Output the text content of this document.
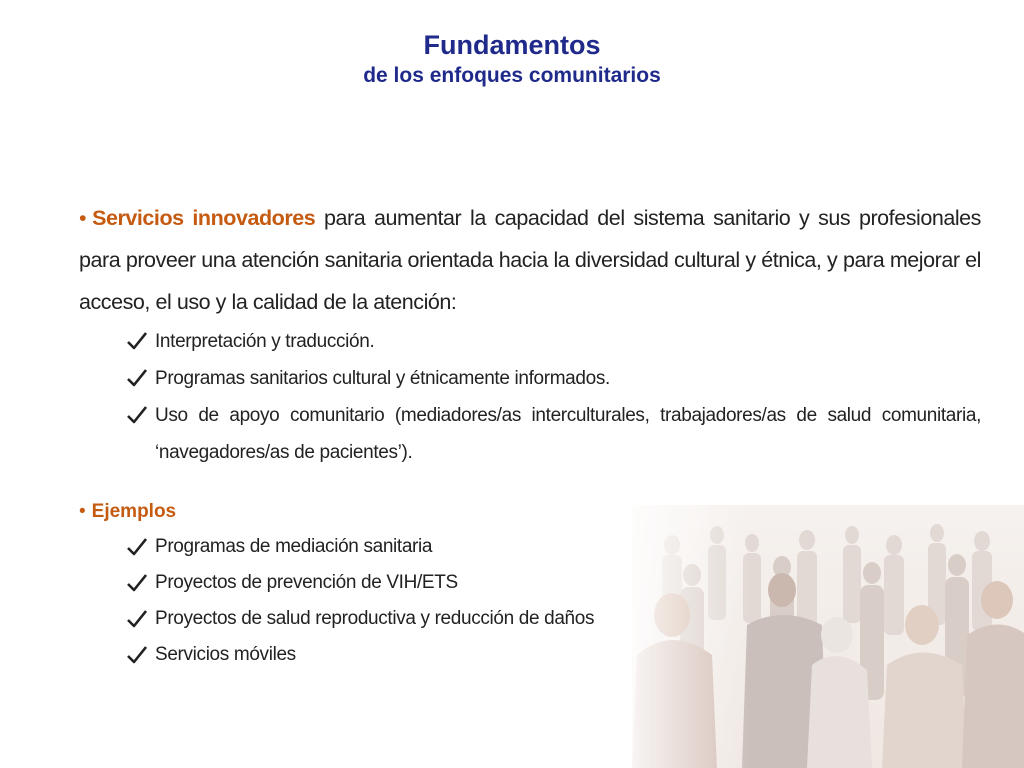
Fundamentos
de los enfoques comunitarios

• Servicios innovadores para aumentar la capacidad del sistema sanitario y sus profesionales para proveer una atención sanitaria orientada hacia la diversidad cultural y étnica, y para mejorar el acceso, el uso y la calidad de la atención:

Interpretación y traducción.
Programas sanitarios cultural y étnicamente informados.
Uso de apoyo comunitario (mediadores/as interculturales, trabajadores/as de salud comunitaria, ‘navegadores/as de pacientes’).
• Ejemplos
Programas de mediación sanitaria
Proyectos de prevención de VIH/ETS
Proyectos de salud reproductiva y reducción de daños
Servicios móviles
